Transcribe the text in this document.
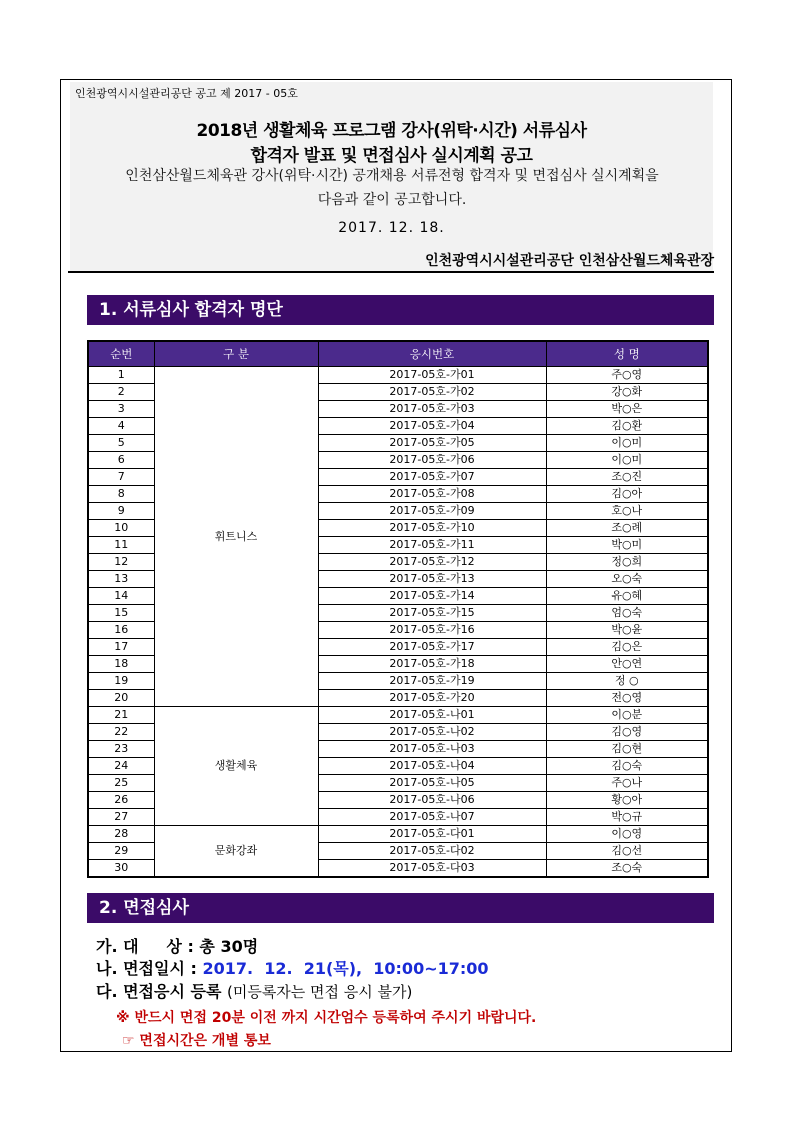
인천광역시시설관리공단 공고 제 2017 - 05호
2018년 생활체육 프로그램 강사(위탁·시간) 서류심사
합격자 발표 및 면접심사 실시계획 공고
인천삼산월드체육관 강사(위탁·시간) 공개채용 서류전형 합격자 및 면접심사 실시계획을
다음과 같이 공고합니다.
2017. 12. 18.
인천광역시시설관리공단 인천삼산월드체육관장
1. 서류심사 합격자 명단
순번	구 분	응시번호	성 명
1	휘트니스	2017-05호-가01	주○영
2		2017-05호-가02	강○화
3		2017-05호-가03	박○은
4		2017-05호-가04	김○환
5		2017-05호-가05	이○미
6		2017-05호-가06	이○미
7		2017-05호-가07	조○진
8		2017-05호-가08	김○아
9		2017-05호-가09	호○나
10		2017-05호-가10	조○례
11		2017-05호-가11	박○미
12		2017-05호-가12	정○희
13		2017-05호-가13	오○숙
14		2017-05호-가14	유○혜
15		2017-05호-가15	엄○숙
16		2017-05호-가16	박○윤
17		2017-05호-가17	김○은
18		2017-05호-가18	안○연
19		2017-05호-가19	정 ○
20		2017-05호-가20	전○영
21	생활체육	2017-05호-나01	이○분
22		2017-05호-나02	김○영
23		2017-05호-나03	김○현
24		2017-05호-나04	김○숙
25		2017-05호-나05	주○나
26		2017-05호-나06	황○아
27		2017-05호-나07	박○규
28	문화강좌	2017-05호-다01	이○영
29		2017-05호-다02	김○선
30		2017-05호-다03	조○숙
2. 면접심사
가. 대     상 : 총 30명
나. 면접일시 : 2017.  12.  21(목),  10:00~17:00
다. 면접응시 등록 (미등록자는 면접 응시 불가)
※ 반드시 면접 20분 이전 까지 시간엄수 등록하여 주시기 바랍니다.
☞ 면접시간은 개별 통보
